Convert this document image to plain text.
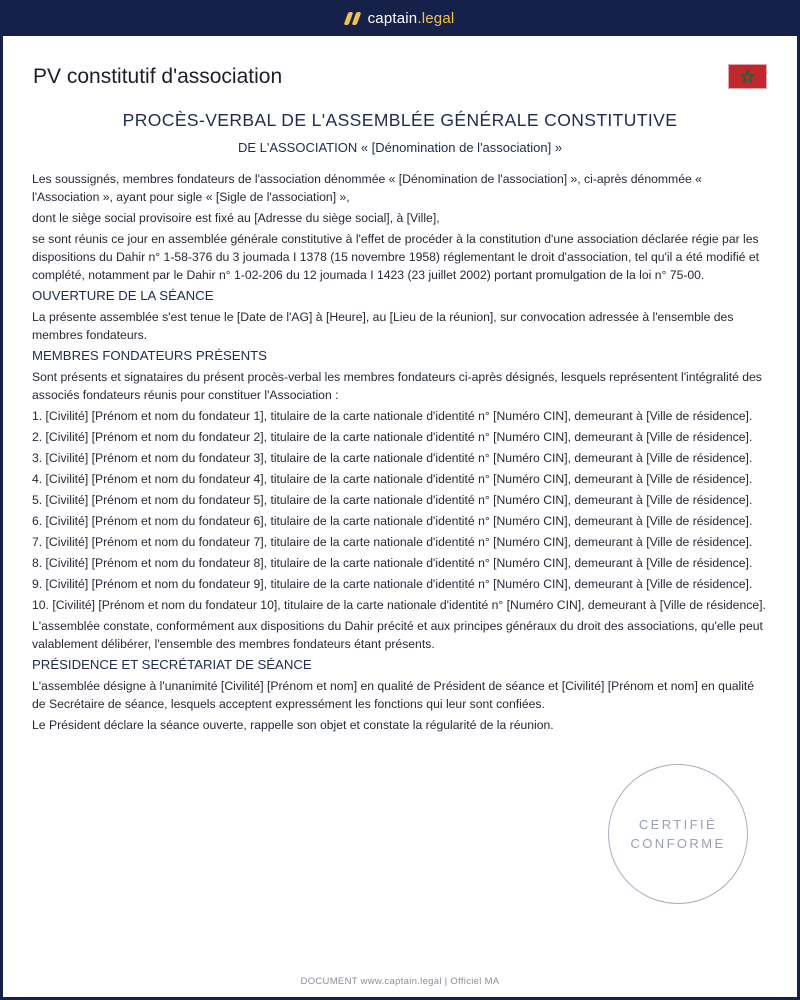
captain.legal
PV constitutif d'association
PROCÈS-VERBAL DE L'ASSEMBLÉE GÉNÉRALE CONSTITUTIVE
DE L'ASSOCIATION « [Dénomination de l'association] »

Les soussignés, membres fondateurs de l'association dénommée « [Dénomination de l'association] », ci-après dénommée « l'Association », ayant pour sigle « [Sigle de l'association] »,

dont le siège social provisoire est fixé au [Adresse du siège social], à [Ville],

se sont réunis ce jour en assemblée générale constitutive à l'effet de procéder à la constitution d'une association déclarée régie par les dispositions du Dahir n° 1-58-376 du 3 joumada I 1378 (15 novembre 1958) réglementant le droit d'association, tel qu'il a été modifié et complété, notamment par le Dahir n° 1-02-206 du 12 joumada I 1423 (23 juillet 2002) portant promulgation de la loi n° 75-00.

OUVERTURE DE LA SÉANCE

La présente assemblée s'est tenue le [Date de l'AG] à [Heure], au [Lieu de la réunion], sur convocation adressée à l'ensemble des membres fondateurs.

MEMBRES FONDATEURS PRÉSENTS

Sont présents et signataires du présent procès-verbal les membres fondateurs ci-après désignés, lesquels représentent l'intégralité des associés fondateurs réunis pour constituer l'Association :

1. [Civilité] [Prénom et nom du fondateur 1], titulaire de la carte nationale d'identité n° [Numéro CIN], demeurant à [Ville de résidence].

2. [Civilité] [Prénom et nom du fondateur 2], titulaire de la carte nationale d'identité n° [Numéro CIN], demeurant à [Ville de résidence].

3. [Civilité] [Prénom et nom du fondateur 3], titulaire de la carte nationale d'identité n° [Numéro CIN], demeurant à [Ville de résidence].

4. [Civilité] [Prénom et nom du fondateur 4], titulaire de la carte nationale d'identité n° [Numéro CIN], demeurant à [Ville de résidence].

5. [Civilité] [Prénom et nom du fondateur 5], titulaire de la carte nationale d'identité n° [Numéro CIN], demeurant à [Ville de résidence].

6. [Civilité] [Prénom et nom du fondateur 6], titulaire de la carte nationale d'identité n° [Numéro CIN], demeurant à [Ville de résidence].

7. [Civilité] [Prénom et nom du fondateur 7], titulaire de la carte nationale d'identité n° [Numéro CIN], demeurant à [Ville de résidence].

8. [Civilité] [Prénom et nom du fondateur 8], titulaire de la carte nationale d'identité n° [Numéro CIN], demeurant à [Ville de résidence].

9. [Civilité] [Prénom et nom du fondateur 9], titulaire de la carte nationale d'identité n° [Numéro CIN], demeurant à [Ville de résidence].

10. [Civilité] [Prénom et nom du fondateur 10], titulaire de la carte nationale d'identité n° [Numéro CIN], demeurant à [Ville de résidence].

L'assemblée constate, conformément aux dispositions du Dahir précité et aux principes généraux du droit des associations, qu'elle peut valablement délibérer, l'ensemble des membres fondateurs étant présents.

PRÉSIDENCE ET SECRÉTARIAT DE SÉANCE

L'assemblée désigne à l'unanimité [Civilité] [Prénom et nom] en qualité de Président de séance et [Civilité] [Prénom et nom] en qualité de Secrétaire de séance, lesquels acceptent expressément les fonctions qui leur sont confiées.

Le Président déclare la séance ouverte, rappelle son objet et constate la régularité de la réunion.

DOCUMENT www.captain.legal | Officiel MA
CERTIFIÉ
CONFORME
